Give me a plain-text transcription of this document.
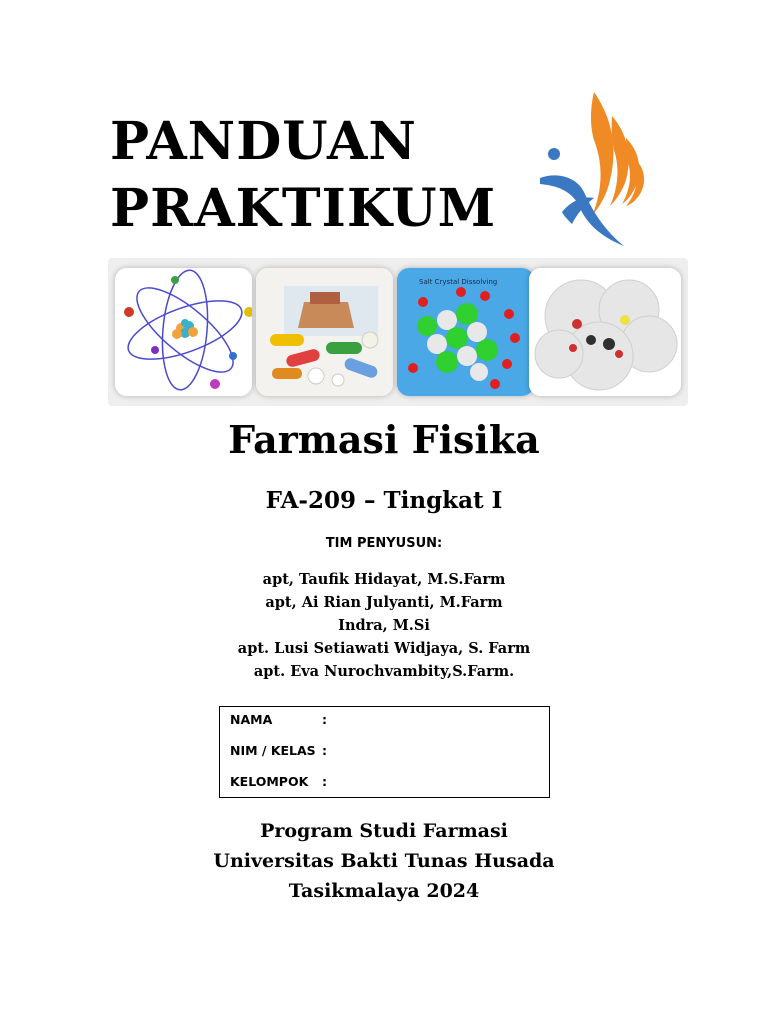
PANDUAN
PRAKTIKUM
Salt Crystal Dissolving
Farmasi Fisika
FA-209 – Tingkat I
TIM PENYUSUN:
apt, Taufik Hidayat, M.S.Farm
apt, Ai Rian Julyanti, M.Farm
Indra, M.Si
apt. Lusi Setiawati Widjaya, S. Farm
apt. Eva Nurochvambity,S.Farm.
NAMA	:
NIM / KELAS :
KELOMPOK :
Program Studi Farmasi
Universitas Bakti Tunas Husada
Tasikmalaya 2024
